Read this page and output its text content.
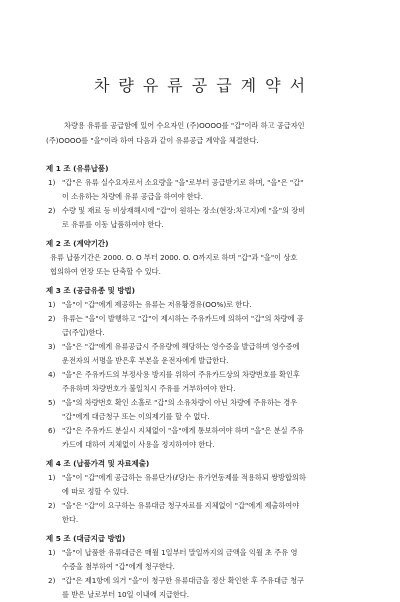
차량유류공급계약서

차량용 유류를 공급함에 있어 수요자인 (주)OOOO를 "갑"이라 하고 공급자인

(주)OOOO를 "을"이라 하여 다음과 같이 유류공급 계약을 체결한다.

제 1 조 (유류납품)

1) "갑"은 유류 실수요자로서 소요량을 "을"로부터 공급받기로 하며, "을"은 "갑"
이 소유하는 차량에 유류 공급을 하여야 한다.
2) 수량 및 재료 등 비상재해시에 "갑"이 원하는 장소(현장:차고지)에 "을"의 장비
로 유류를 이동 납품하여야 한다.

제 2 조 (계약기간)

유류 납품기간은 2000. O. O 부터 2000. O. O까지로 하며 "갑"과 "을"이 상호

협의하여 연장 또는 단축할 수 있다.

제 3 조 (공급유종 및 방법)

1) "을"이 "갑"에게 제공하는 유류는 저유황경유(OO%)로 한다.
2) 유류는 "을"이 발행하고 "갑"이 제시하는 주유카드에 의하여 "갑"의 차량에 공
급(주입)한다.
3) "을"은 "갑"에게 유류공급시 주유량에 해당하는 영수증을 발급하며 영수증에
운전자의 서명을 받은후 부본을 운전자에게 발급한다.
4) "을"은 주유카드의 부정사용 방지를 위하여 주유카드상의 차량번호를 확인후
주유하며 차량번호가 불일치시 주유를 거부하여야 한다.
5) "을"의 차량번호 확인 소홀로 "갑"의 소유차량이 아닌 차량에 주유하는 경우
"갑"에게 대금청구 또는 이의제기를 할 수 없다.
6) "갑"은 주유카드 분실시 지체없이 "을"에게 통보하여야 하며 "을"은 분실 주유
카드에 대하여 지체없이 사용을 정지하여야 한다.

제 4 조 (납품가격 및 자료제출)

1) "을"이 "갑"에게 공급하는 유류단가(ℓ당)는 유가연동제를 적용하되 쌍방합의하
에 따로 정할 수 있다.
2) "을"은 "갑"이 요구하는 유류대금 청구자료를 지체없이 "갑"에게 제출하여야
한다.

제 5 조 (대금지급 방법)

1) "을"이 납품한 유류대금은 매월 1일부터 말일까지의 금액을 익월 초 주유 영
수증을 첨부하여 "갑"에게 청구한다.
2) "갑"은 제1항에 의거 "을"이 청구한 유류대금을 정산 확인한 후 주유대금 청구
를 받은 날로부터 10일 이내에 지급한다.
